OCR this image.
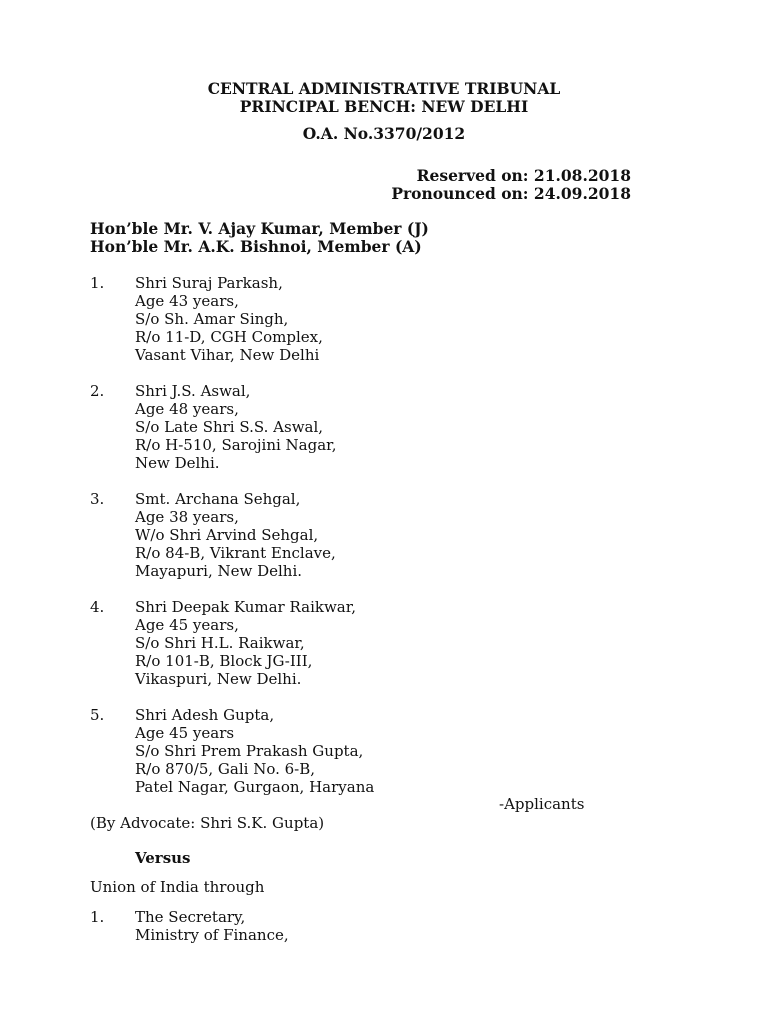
CENTRAL ADMINISTRATIVE TRIBUNAL
PRINCIPAL BENCH: NEW DELHI
O.A. No.3370/2012
Reserved on: 21.08.2018
Pronounced on: 24.09.2018
Hon’ble Mr. V. Ajay Kumar, Member (J)
Hon’ble Mr. A.K. Bishnoi, Member (A)
1. Shri Suraj Parkash,
Age 43 years,
S/o Sh. Amar Singh,
R/o 11-D, CGH Complex,
Vasant Vihar, New Delhi
2. Shri J.S. Aswal,
Age 48 years,
S/o Late Shri S.S. Aswal,
R/o H-510, Sarojini Nagar,
New Delhi.
3. Smt. Archana Sehgal,
Age 38 years,
W/o Shri Arvind Sehgal,
R/o 84-B, Vikrant Enclave,
Mayapuri, New Delhi.
4. Shri Deepak Kumar Raikwar,
Age 45 years,
S/o Shri H.L. Raikwar,
R/o 101-B, Block JG-III,
Vikaspuri, New Delhi.
5. Shri Adesh Gupta,
Age 45 years
S/o Shri Prem Prakash Gupta,
R/o 870/5, Gali No. 6-B,
Patel Nagar, Gurgaon, Haryana
-Applicants
(By Advocate: Shri S.K. Gupta)
Versus
Union of India through
1. The Secretary,
Ministry of Finance,
